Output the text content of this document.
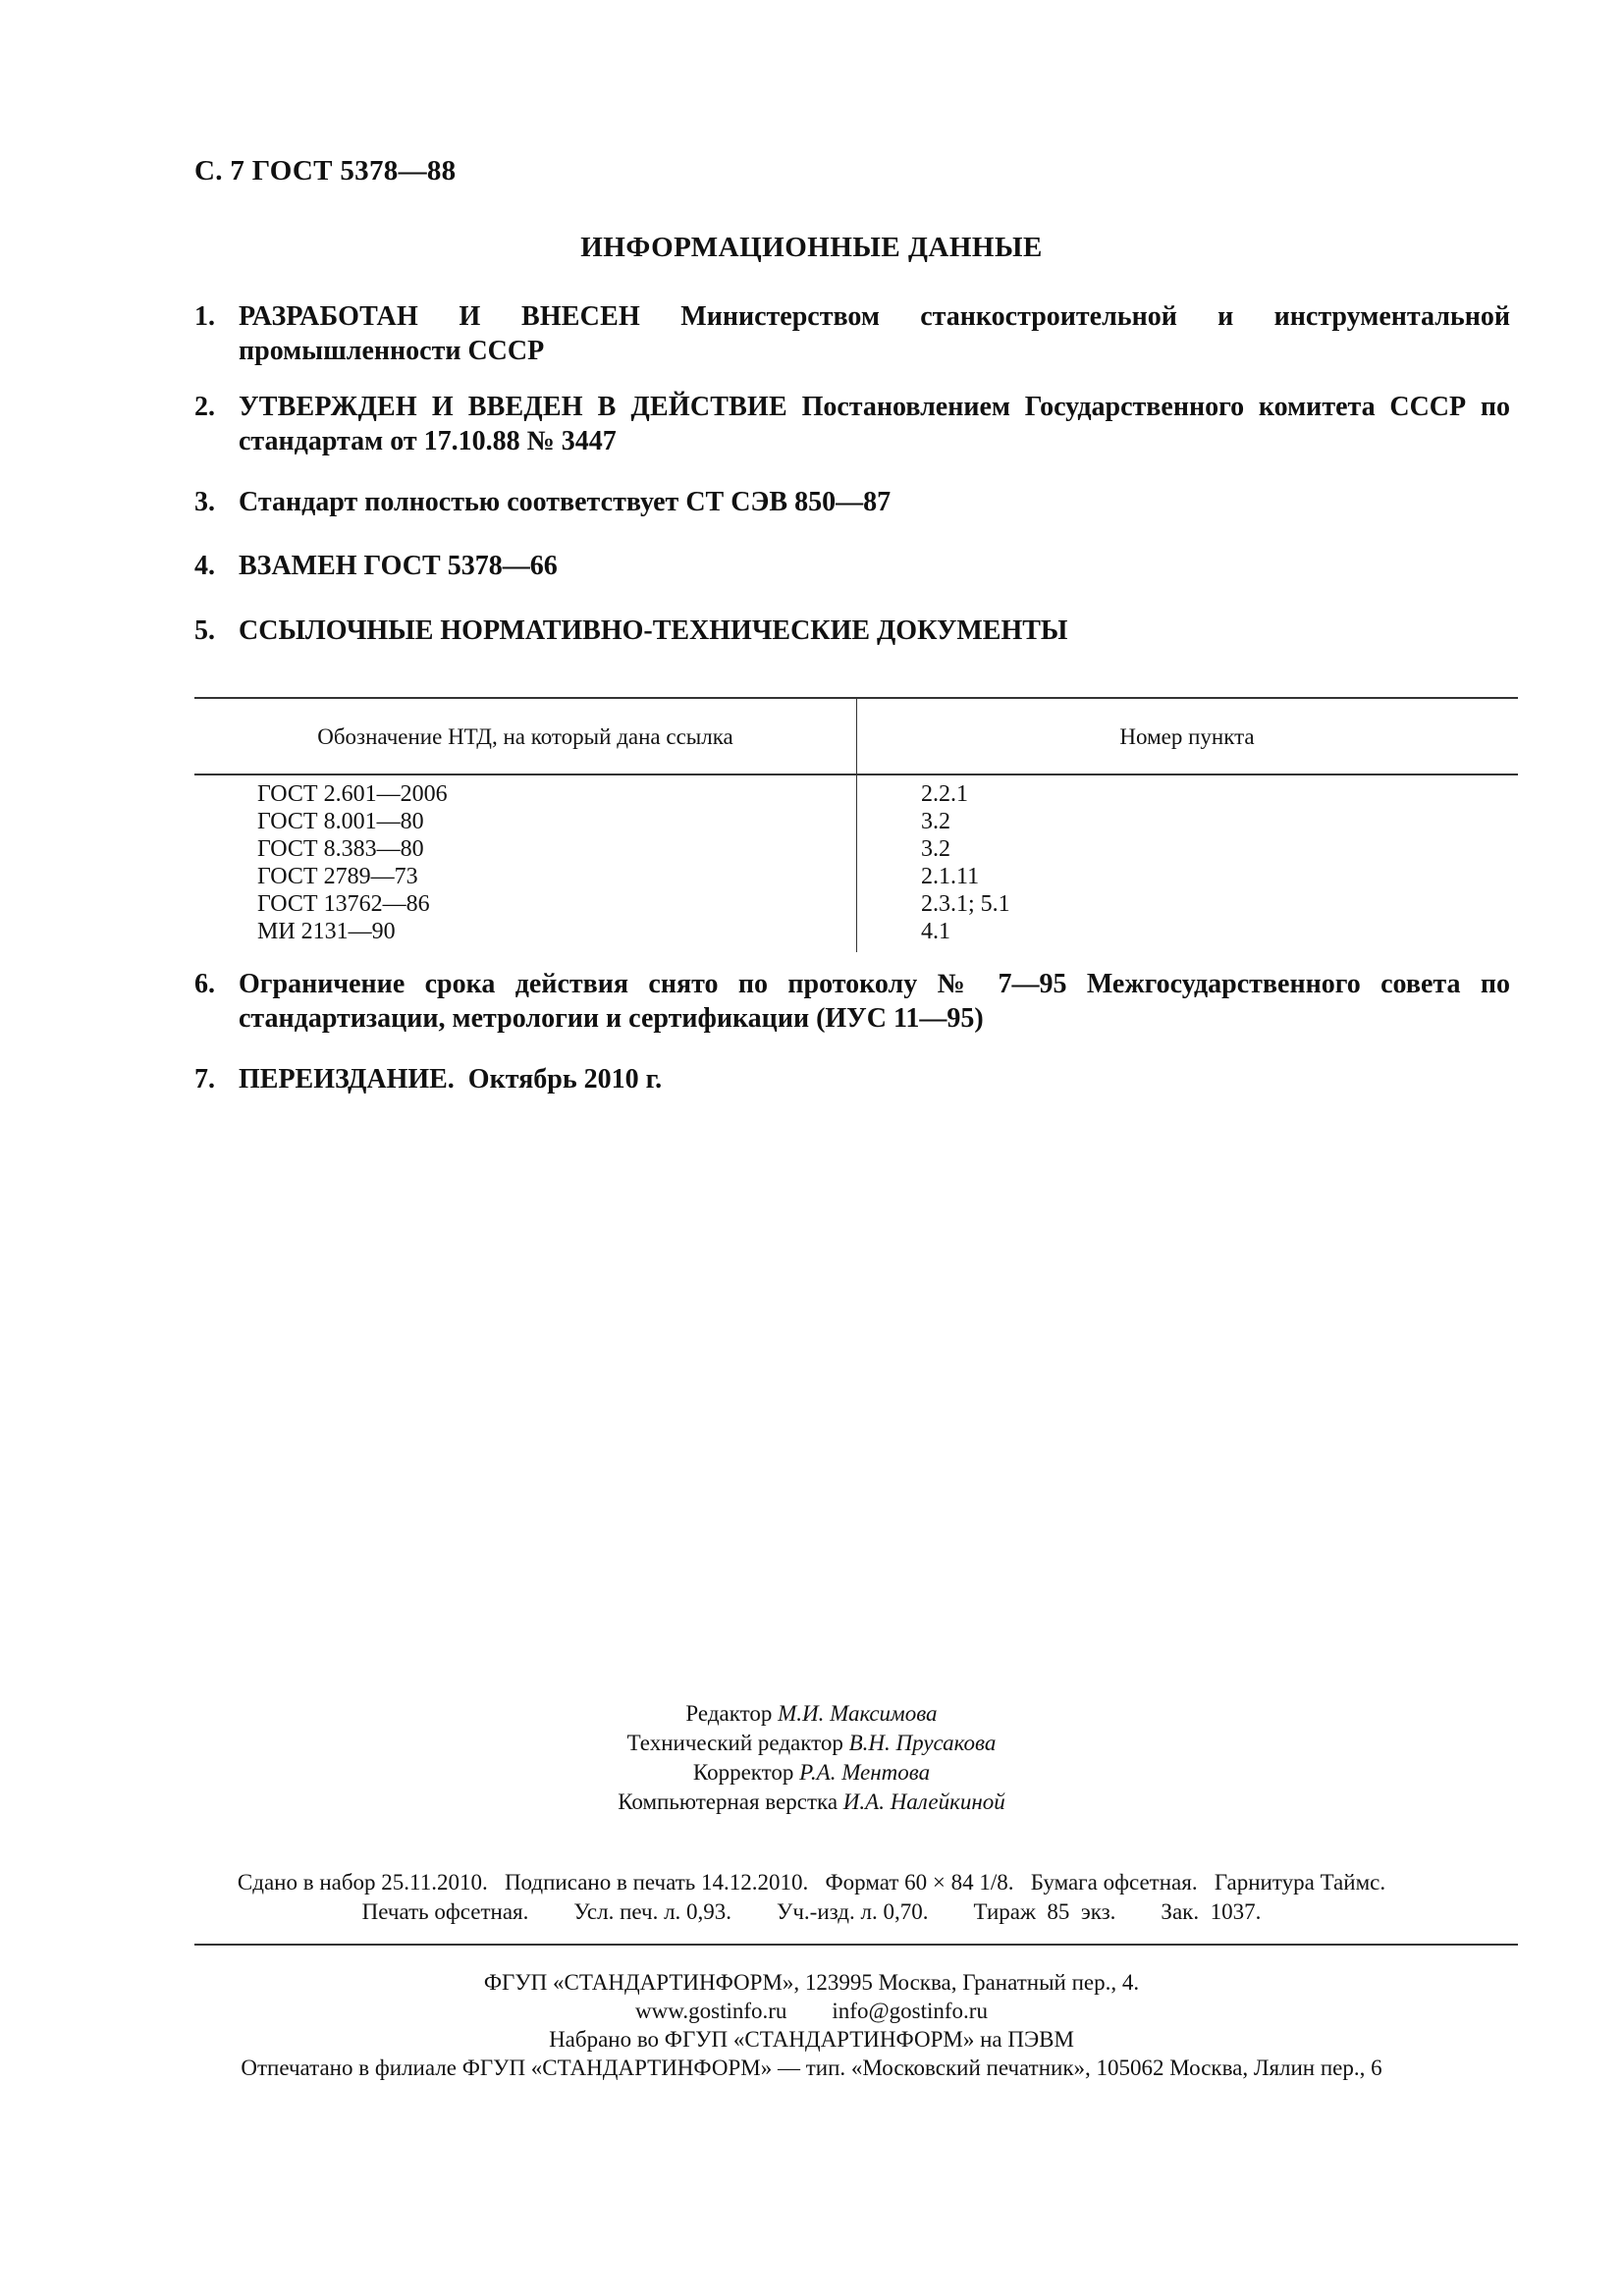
С. 7 ГОСТ 5378—88
ИНФОРМАЦИОННЫЕ ДАННЫЕ
1. РАЗРАБОТАН И ВНЕСЕН Министерством станкостроительной и инструментальной промышленности СССР
2. УТВЕРЖДЕН И ВВЕДЕН В ДЕЙСТВИЕ Постановлением Государственного комитета СССР по стандартам от 17.10.88 № 3447
3. Стандарт полностью соответствует СТ СЭВ 850—87
4. ВЗАМЕН ГОСТ 5378—66
5. ССЫЛОЧНЫЕ НОРМАТИВНО-ТЕХНИЧЕСКИЕ ДОКУМЕНТЫ
Обозначение НТД, на который дана ссылка	Номер пункта
ГОСТ 2.601—2006	2.2.1
ГОСТ 8.001—80	3.2
ГОСТ 8.383—80	3.2
ГОСТ 2789—73	2.1.11
ГОСТ 13762—86	2.3.1; 5.1
МИ 2131—90	4.1
6. Ограничение срока действия снято по протоколу № 7—95 Межгосударственного совета по стандартизации, метрологии и сертификации (ИУС 11—95)
7. ПЕРЕИЗДАНИЕ.  Октябрь 2010 г.
Редактор М.И. Максимова
Технический редактор В.Н. Прусакова
Корректор Р.А. Ментова
Компьютерная верстка И.А. Налейкиной
Сдано в набор 25.11.2010.   Подписано в печать 14.12.2010.   Формат 60 × 84 1/8.   Бумага офсетная.   Гарнитура Таймс.
Печать офсетная.        Усл. печ. л. 0,93.        Уч.-изд. л. 0,70.        Тираж  85  экз.        Зак.  1037.
ФГУП «СТАНДАРТИНФОРМ», 123995 Москва, Гранатный пер., 4.
www.gostinfo.ru        info@gostinfo.ru
Набрано во ФГУП «СТАНДАРТИНФОРМ» на ПЭВМ
Отпечатано в филиале ФГУП «СТАНДАРТИНФОРМ» — тип. «Московский печатник», 105062 Москва, Лялин пер., 6
